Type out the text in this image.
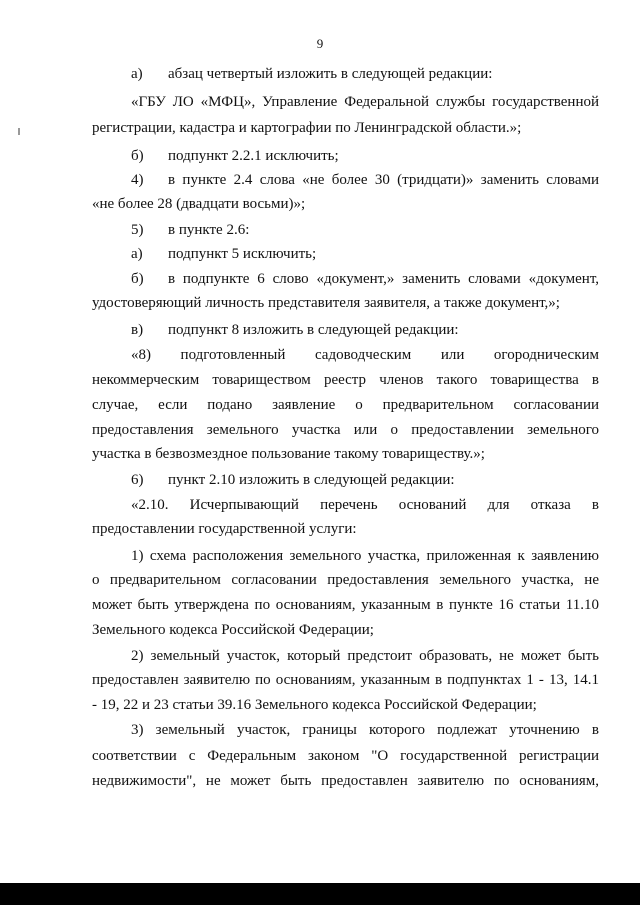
9
а) абзац четвертый изложить в следующей редакции:
«ГБУ ЛО «МФЦ», Управление Федеральной службы государственной
регистрации, кадастра и картографии по Ленинградской области.»;
б) подпункт 2.2.1 исключить;
4) в пункте 2.4 слова «не более 30 (тридцати)» заменить словами
«не более 28 (двадцати восьми)»;
5) в пункте 2.6:
а) подпункт 5 исключить;
б) в подпункте 6 слово «документ,» заменить словами «документ,
удостоверяющий личность представителя заявителя, а также документ,»;
в) подпункт 8 изложить в следующей редакции:
«8) подготовленный садоводческим или огородническим
некоммерческим товариществом реестр членов такого товарищества в
случае, если подано заявление о предварительном согласовании
предоставления земельного участка или о предоставлении земельного
участка в безвозмездное пользование такому товариществу.»;
6) пункт 2.10 изложить в следующей редакции:
«2.10. Исчерпывающий перечень оснований для отказа в
предоставлении государственной услуги:
1) схема расположения земельного участка, приложенная к заявлению
о предварительном согласовании предоставления земельного участка, не
может быть утверждена по основаниям, указанным в пункте 16 статьи 11.10
Земельного кодекса Российской Федерации;
2) земельный участок, который предстоит образовать, не может быть
предоставлен заявителю по основаниям, указанным в подпунктах 1 - 13, 14.1
- 19, 22 и 23 статьи 39.16 Земельного кодекса Российской Федерации;
3) земельный участок, границы которого подлежат уточнению в
соответствии с Федеральным законом "О государственной регистрации
недвижимости", не может быть предоставлен заявителю по основаниям,
